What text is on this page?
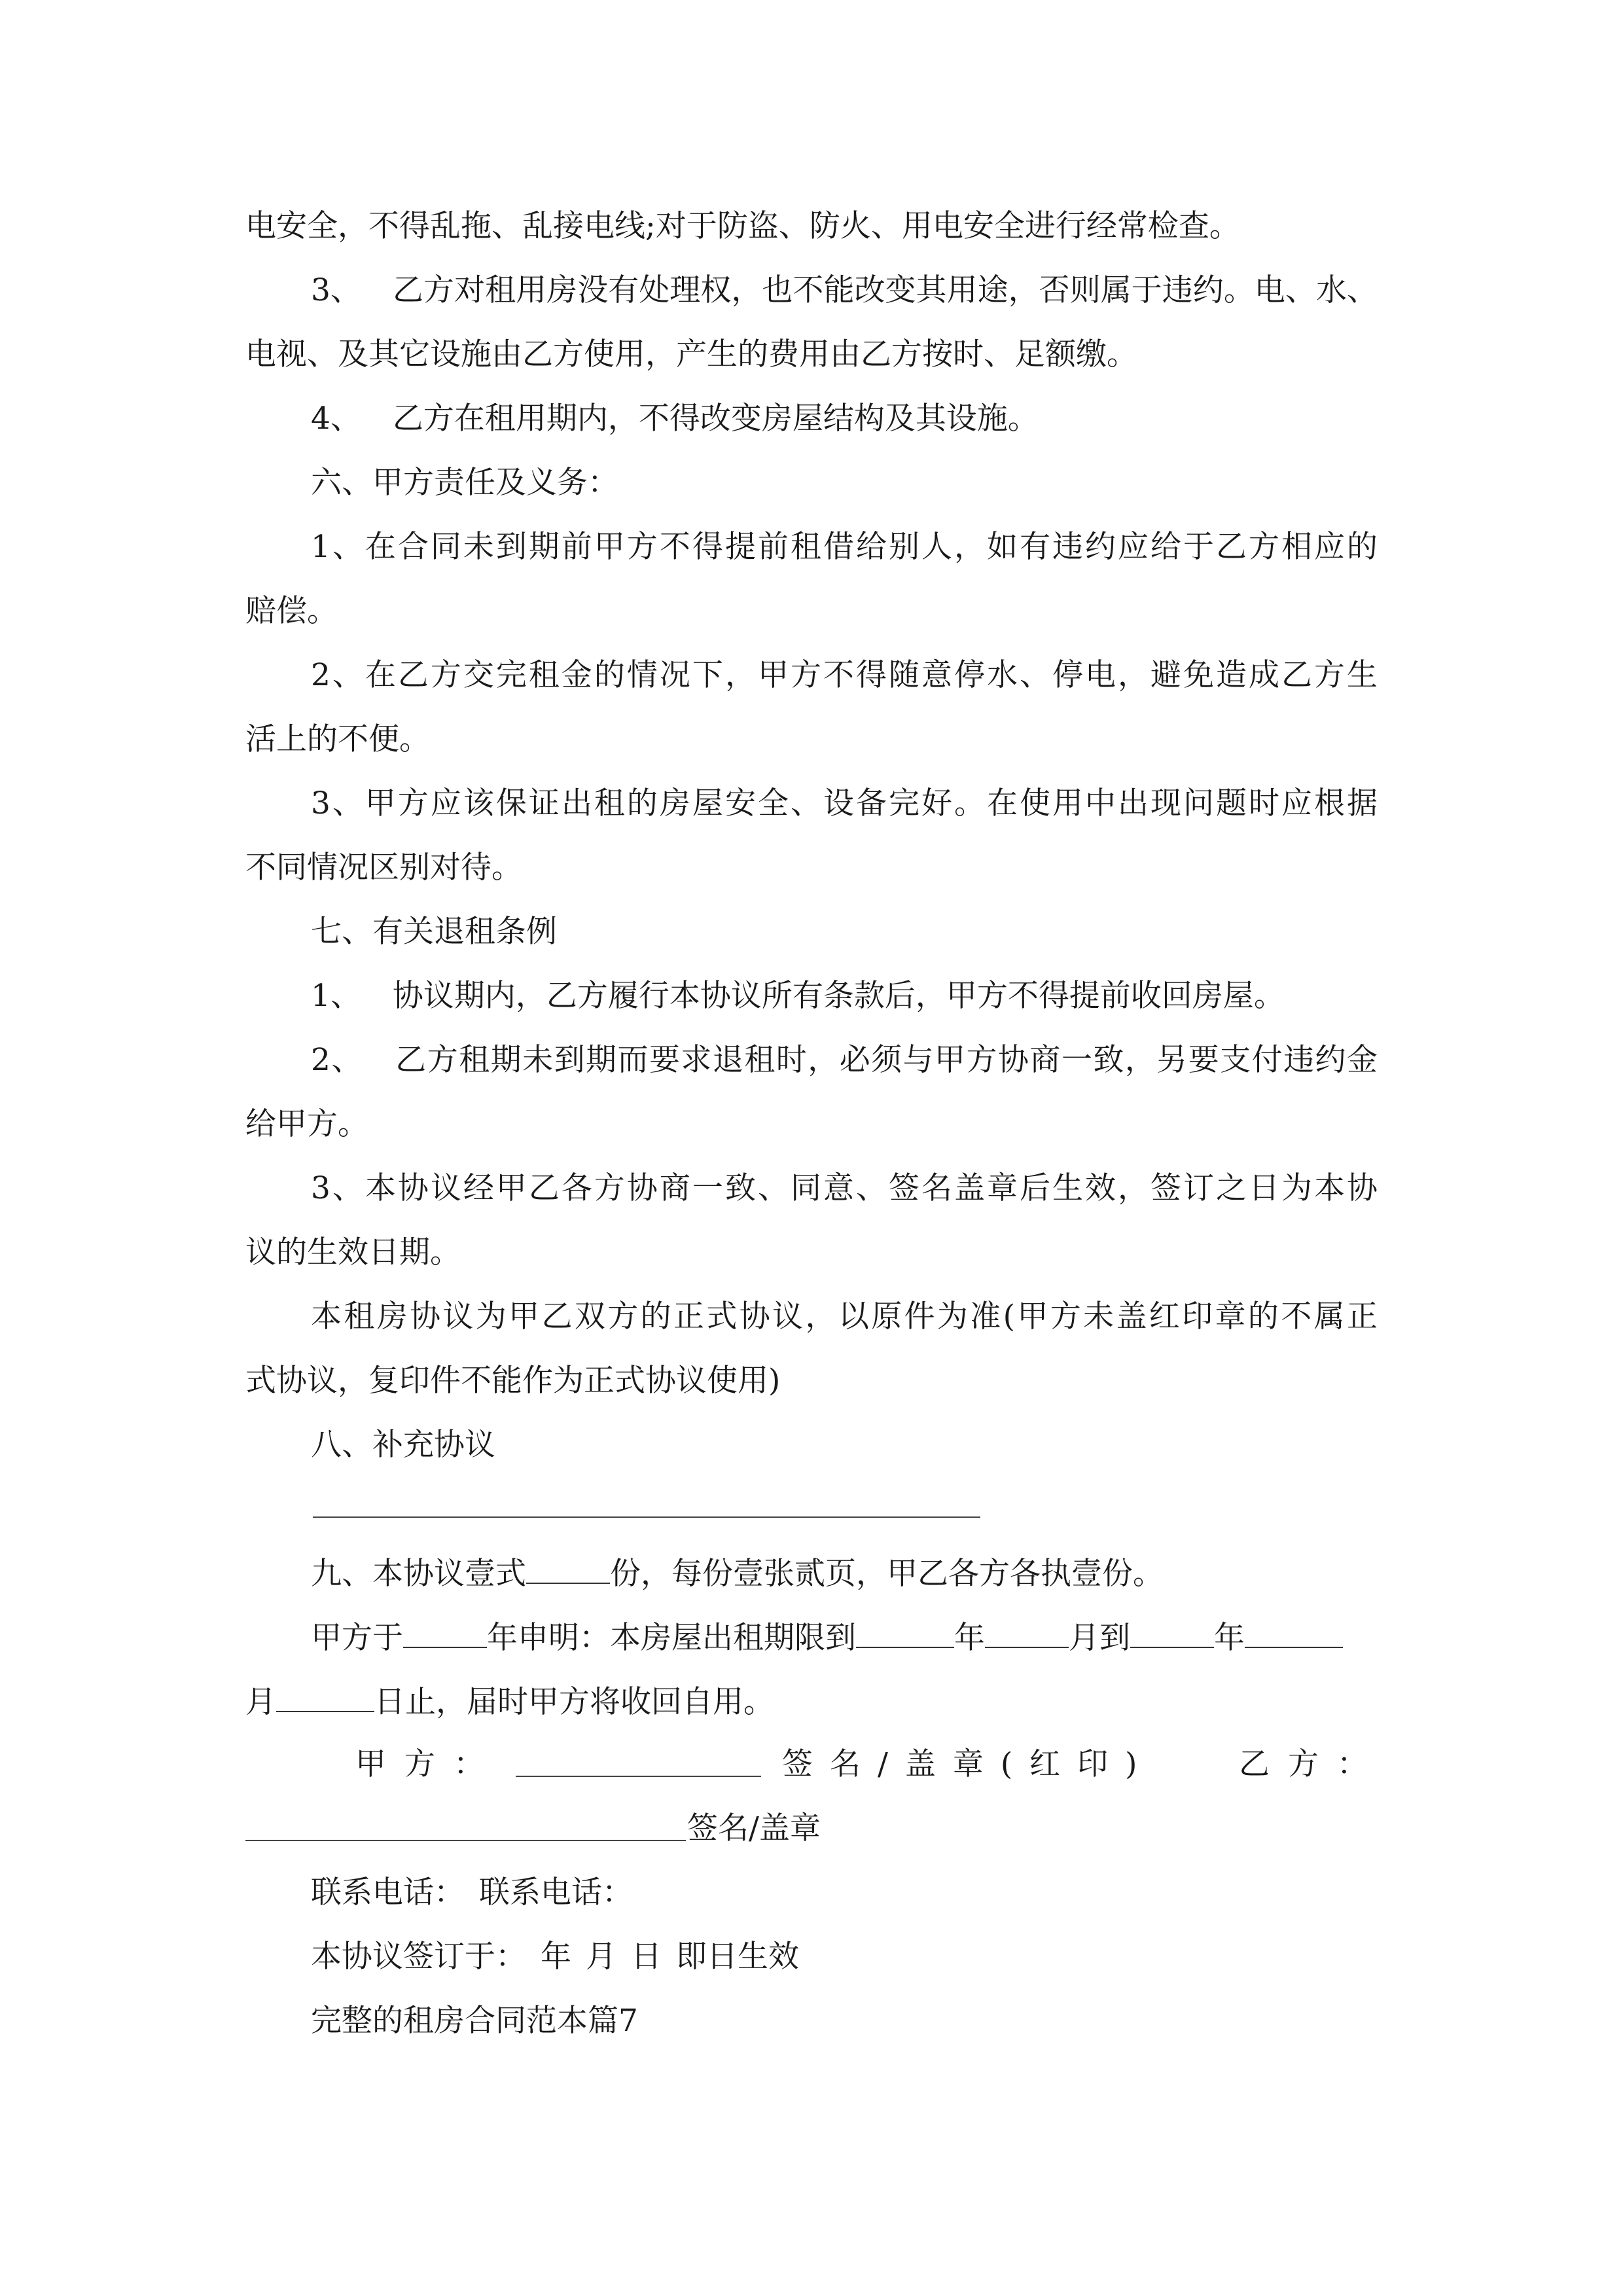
电安全，不得乱拖、乱接电线;对于防盗、防火、用电安全进行经常检查。
3、 乙方对租用房没有处理权，也不能改变其用途，否则属于违约。电、水、
电视、及其它设施由乙方使用，产生的费用由乙方按时、足额缴。
4、 乙方在租用期内，不得改变房屋结构及其设施。
六、甲方责任及义务：
1、在合同未到期前甲方不得提前租借给别人，如有违约应给于乙方相应的
赔偿。
2、在乙方交完租金的情况下，甲方不得随意停水、停电，避免造成乙方生
活上的不便。
3、甲方应该保证出租的房屋安全、设备完好。在使用中出现问题时应根据
不同情况区别对待。
七、有关退租条例
1、 协议期内，乙方履行本协议所有条款后，甲方不得提前收回房屋。
2、 乙方租期未到期而要求退租时，必须与甲方协商一致，另要支付违约金
给甲方。
3、本协议经甲乙各方协商一致、同意、签名盖章后生效，签订之日为本协
议的生效日期。
本租房协议为甲乙双方的正式协议，以原件为准(甲方未盖红印章的不属正
式协议，复印件不能作为正式协议使用)
八、补充协议
九、本协议壹式	份，每份壹张贰页，甲乙各方各执壹份。
甲方于	年申明：本房屋出租期限到	年	月到	年
月	日止，届时甲方将收回自用。
甲方：	签名/盖章(红印)	乙方：
签名/盖章
联系电话： 联系电话：
本协议签订于： 年 月 日 即日生效
完整的租房合同范本篇7
